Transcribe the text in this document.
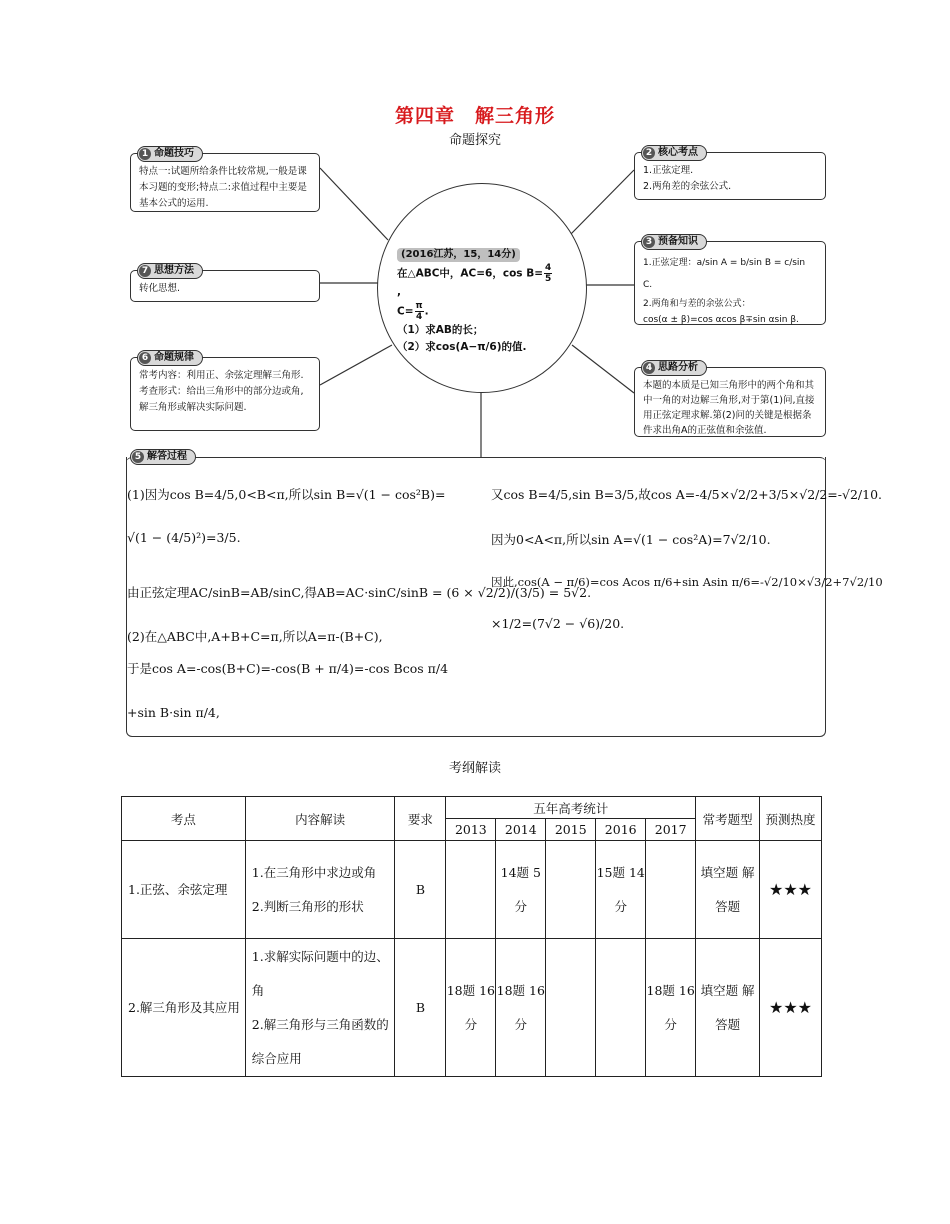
第四章　解三角形
命题探究
1 命题技巧
特点一:试题所给条件比较常规,一般是课本习题的变形;特点二:求值过程中主要是基本公式的运用.
7 思想方法
转化思想.
6 命题规律
常考内容：利用正、余弦定理解三角形.
考查形式：给出三角形中的部分边或角,解三角形或解决实际问题.
2 核心考点
1.正弦定理.
2.两角差的余弦公式.
3 预备知识
1.正弦定理：a/sin A = b/sin B = c/sin C.
2.两角和与差的余弦公式：
cos(α ± β)=cos αcos β∓sin αsin β.
4 思路分析
本题的本质是已知三角形中的两个角和其中一角的对边解三角形,对于第(1)问,直接用正弦定理求解.第(2)问的关键是根据条件求出角A的正弦值和余弦值.
(2016江苏，15，14分)
在△ABC中，AC=6，$\cos B= \frac{4}{5}$
,
$C= \frac{\pi}{4}$ .
（1）求AB的长；
（2）求cos(A−π/6)的值.
5 解答过程
(1)因为cos B=4/5,0<B<π,所以sin B=√(1 − cos²B)=
√(1 − (4/5)²)=3/5.
由正弦定理AC/sinB=AB/sinC,得AB=AC·sinC/sinB = (6 × √2/2)/(3/5) = 5√2.
(2)在△ABC中,A+B+C=π,所以A=π-(B+C),
于是cos A=-cos(B+C)=-cos(B + π/4)=-cos Bcos π/4
+sin B·sin π/4,
又cos B=4/5,sin B=3/5,故cos A=-4/5×√2/2+3/5×√2/2=-√2/10.
因为0<A<π,所以sin A=√(1 − cos²A)=7√2/10.
因此,cos(A − π/6)=cos Acos π/6+sin Asin π/6=-√2/10×√3/2+7√2/10
×1/2=(7√2 − √6)/20.
考纲解读
考点	内容解读	要求	五年高考统计					常考题型	预测热度
			2013	2014	2015	2016	2017		
1.正弦、余弦定理	1.在三角形中求边或角
2.判断三角形的形状	B		14题 5分		15题 14分		填空题 解答题	★★★
2.解三角形及其应用	1.求解实际问题中的边、角
2.解三角形与三角函数的综合应用	B	18题 16分	18题 16分			18题 16分	填空题 解答题	★★★
